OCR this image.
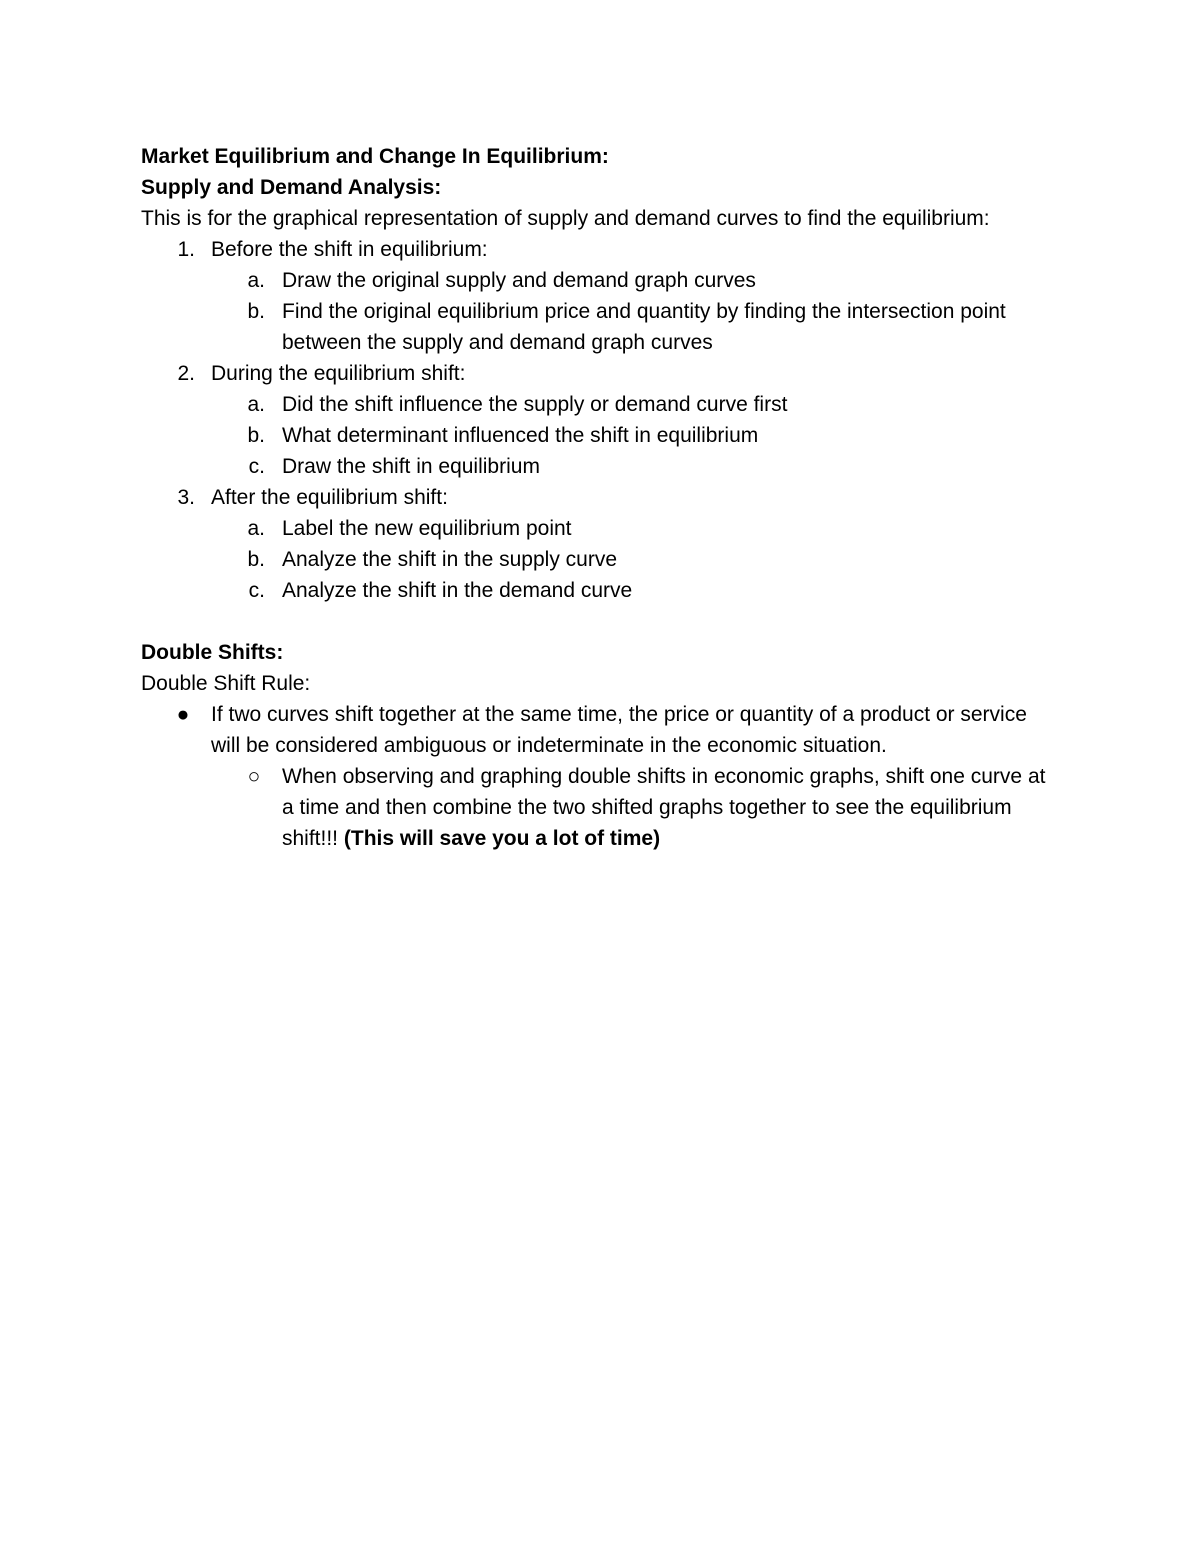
Market Equilibrium and Change In Equilibrium:
Supply and Demand Analysis:
This is for the graphical representation of supply and demand curves to find the equilibrium:
1. Before the shift in equilibrium:
a. Draw the original supply and demand graph curves
b. Find the original equilibrium price and quantity by finding the intersection point between the supply and demand graph curves
2. During the equilibrium shift:
a. Did the shift influence the supply or demand curve first
b. What determinant influenced the shift in equilibrium
c. Draw the shift in equilibrium
3. After the equilibrium shift:
a. Label the new equilibrium point
b. Analyze the shift in the supply curve
c. Analyze the shift in the demand curve
Double Shifts:
Double Shift Rule:
● If two curves shift together at the same time, the price or quantity of a product or service will be considered ambiguous or indeterminate in the economic situation.
○ When observing and graphing double shifts in economic graphs, shift one curve at a time and then combine the two shifted graphs together to see the equilibrium shift!!! (This will save you a lot of time)
